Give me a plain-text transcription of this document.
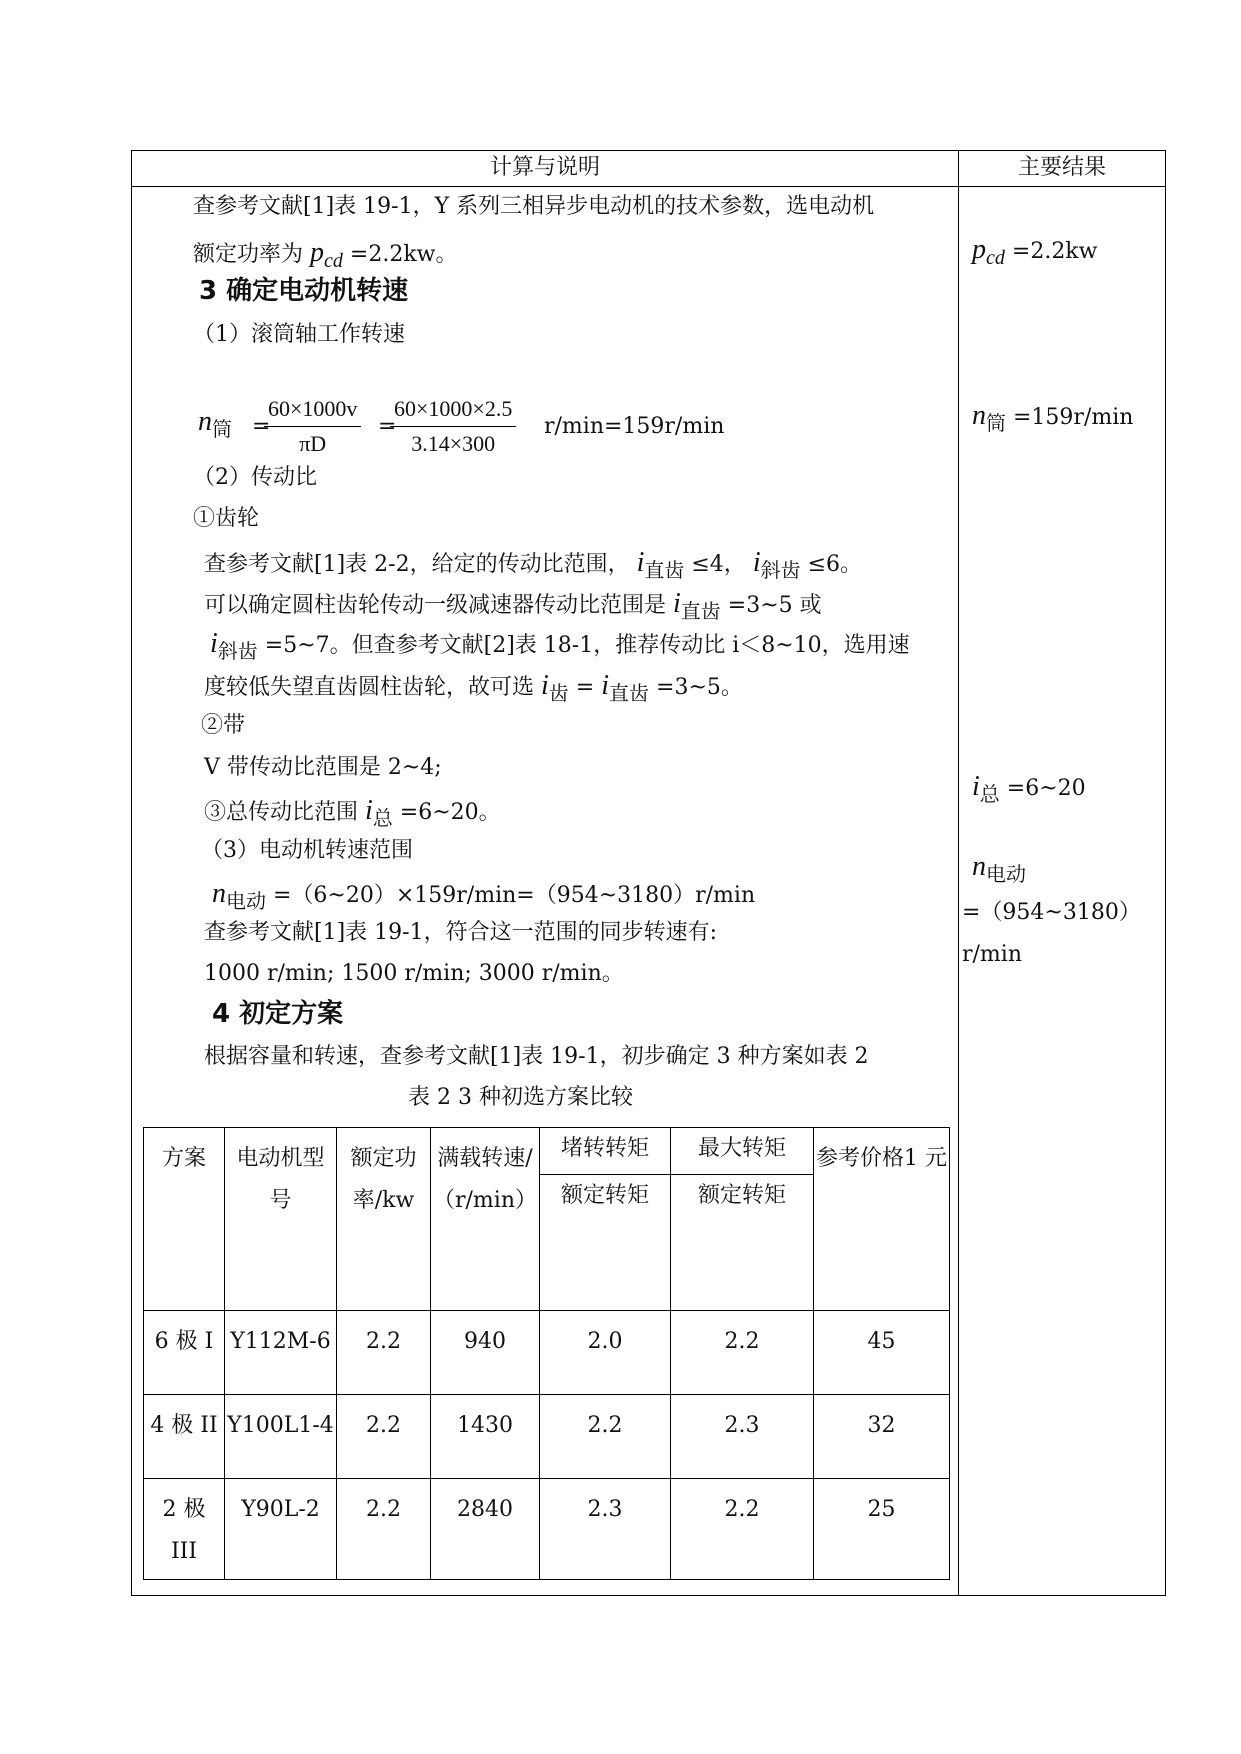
计算与说明	主要结果
查参考文献[1]表 19-1，Y 系列三相异步电动机的技术参数，选电动机
额定功率为 pcd =2.2kw。
3 确定电动机转速
（1）滚筒轴工作转速
n筒 =
$\frac{60\times 1000v}{\pi D}$ =
$\frac{60\times 1000\times 2.5}{3.14\times 300} r/\min=159r/\min$
（2）传动比
①齿轮
查参考文献[1]表 2-2，给定的传动比范围， i直齿 ≤4， i斜齿 ≤6。
可以确定圆柱齿轮传动一级减速器传动比范围是 i直齿 =3~5 或
i斜齿 =5~7。但查参考文献[2]表 18-1，推荐传动比 i＜8~10，选用速
度较低失望直齿圆柱齿轮，故可选 i齿 = i直齿 =3~5。
②带
V 带传动比范围是 2~4;
③总传动比范围 i总 =6~20。
（3）电动机转速范围
n电动 =（6~20）×159r/min=（954~3180）r/min
查参考文献[1]表 19-1，符合这一范围的同步转速有:
1000 r/min; 1500 r/min; 3000 r/min。
4 初定方案
根据容量和转速，查参考文献[1]表 19-1，初步确定 3 种方案如表 2
表 2 3 种初选方案比较
pcd =2.2kw
n筒 =159r/min
i总 =6~20
n电动
=（954~3180）
r/min
方案	电动机型号	额定功率/kw	满载转速/（r/min）	堵转转矩	最大转矩	参考价格1 元
				额定转矩	额定转矩	
6 极 I	Y112M-6	2.2	940	2.0	2.2	45
4 极 II	Y100L1-4	2.2	1430	2.2	2.3	32
2 极 III	Y90L-2	2.2	2840	2.3	2.2	25
